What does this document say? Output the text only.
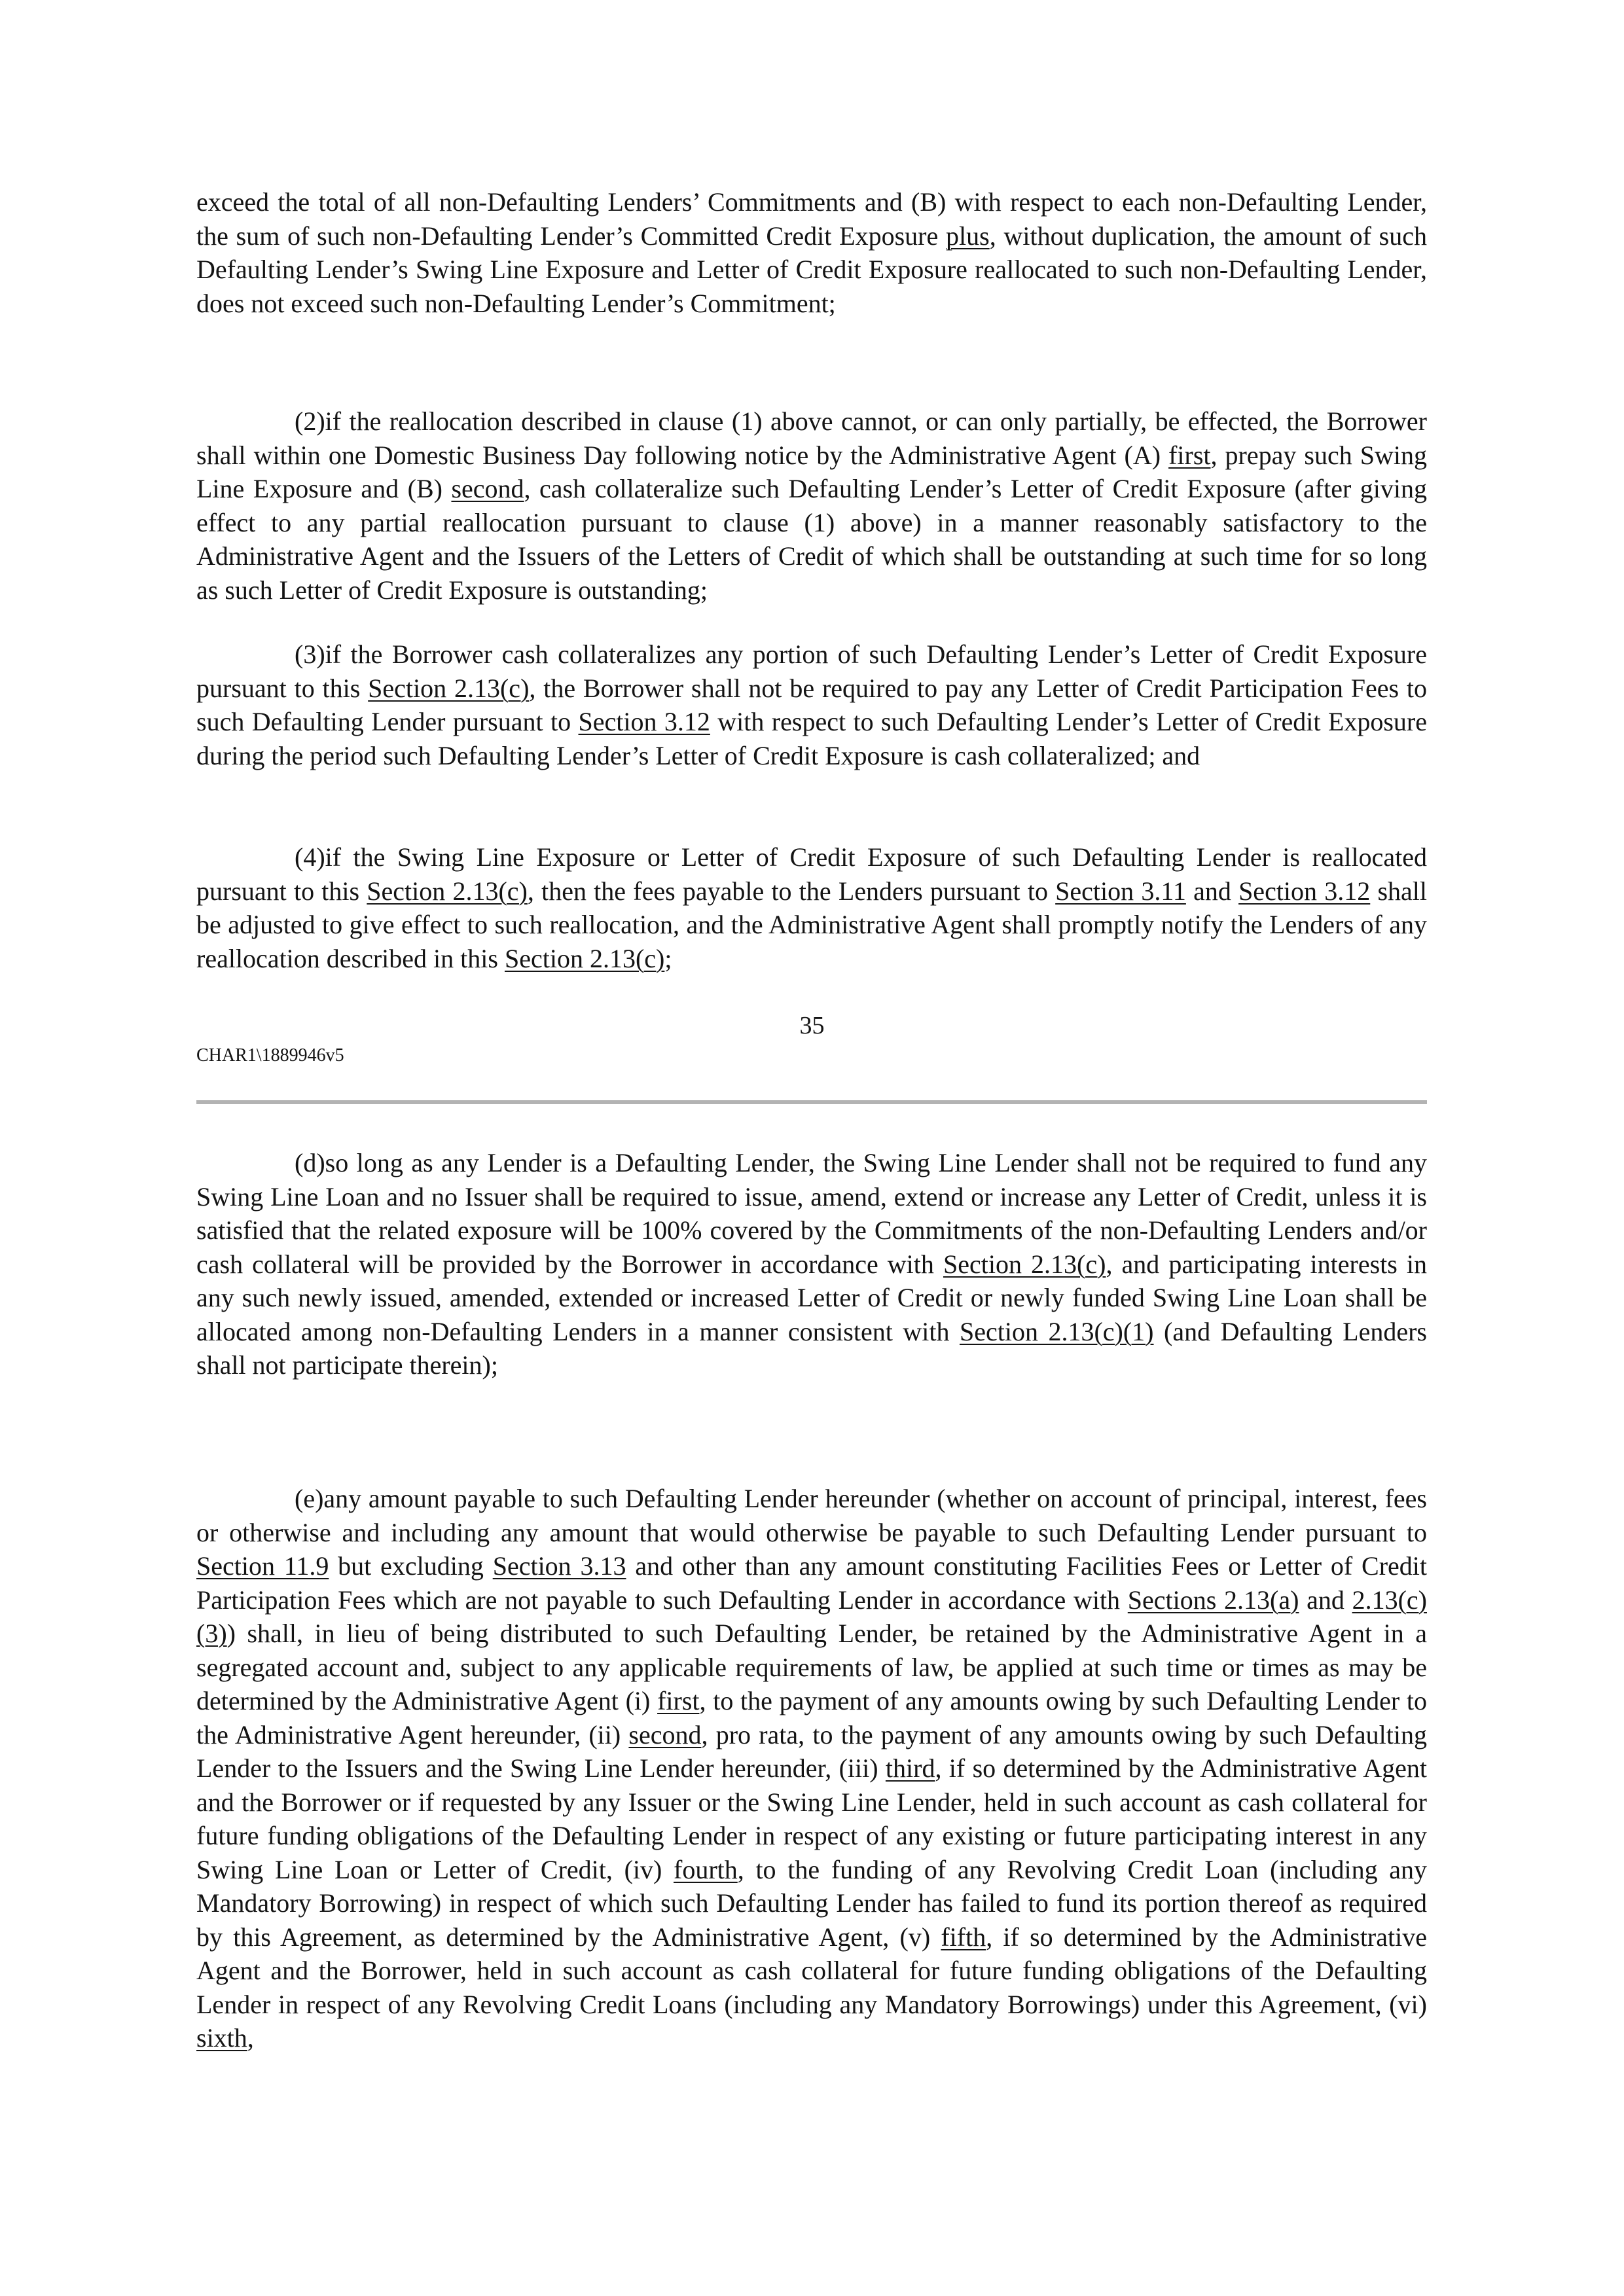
exceed the total of all non-Defaulting Lenders’ Commitments and (B) with respect to each non-Defaulting Lender, the sum of such non-Defaulting Lender’s Committed Credit Exposure plus, without duplication, the amount of such Defaulting Lender’s Swing Line Exposure and Letter of Credit Exposure reallocated to such non-Defaulting Lender, does not exceed such non-Defaulting Lender’s Commitment;

(2)if the reallocation described in clause (1) above cannot, or can only partially, be effected, the Borrower shall within one Domestic Business Day following notice by the Administrative Agent (A) first, prepay such Swing Line Exposure and (B) second, cash collateralize such Defaulting Lender’s Letter of Credit Exposure (after giving effect to any partial reallocation pursuant to clause (1) above) in a manner reasonably satisfactory to the Administrative Agent and the Issuers of the Letters of Credit of which shall be outstanding at such time for so long as such Letter of Credit Exposure is outstanding;

(3)if the Borrower cash collateralizes any portion of such Defaulting Lender’s Letter of Credit Exposure pursuant to this Section 2.13(c), the Borrower shall not be required to pay any Letter of Credit Participation Fees to such Defaulting Lender pursuant to Section 3.12 with respect to such Defaulting Lender’s Letter of Credit Exposure during the period such Defaulting Lender’s Letter of Credit Exposure is cash collateralized; and

(4)if the Swing Line Exposure or Letter of Credit Exposure of such Defaulting Lender is reallocated pursuant to this Section 2.13(c), then the fees payable to the Lenders pursuant to Section 3.11 and Section 3.12 shall be adjusted to give effect to such reallocation, and the Administrative Agent shall promptly notify the Lenders of any reallocation described in this Section 2.13(c);

35

CHAR1\1889946v5

(d)so long as any Lender is a Defaulting Lender, the Swing Line Lender shall not be required to fund any Swing Line Loan and no Issuer shall be required to issue, amend, extend or increase any Letter of Credit, unless it is satisfied that the related exposure will be 100% covered by the Commitments of the non-Defaulting Lenders and/or cash collateral will be provided by the Borrower in accordance with Section 2.13(c), and participating interests in any such newly issued, amended, extended or increased Letter of Credit or newly funded Swing Line Loan shall be allocated among non-Defaulting Lenders in a manner consistent with Section 2.13(c)(1) (and Defaulting Lenders shall not participate therein);

(e)any amount payable to such Defaulting Lender hereunder (whether on account of principal, interest, fees or otherwise and including any amount that would otherwise be payable to such Defaulting Lender pursuant to Section 11.9 but excluding Section 3.13 and other than any amount constituting Facilities Fees or Letter of Credit Participation Fees which are not payable to such Defaulting Lender in accordance with Sections 2.13(a) and 2.13(c)(3)) shall, in lieu of being distributed to such Defaulting Lender, be retained by the Administrative Agent in a segregated account and, subject to any applicable requirements of law, be applied at such time or times as may be determined by the Administrative Agent (i) first, to the payment of any amounts owing by such Defaulting Lender to the Administrative Agent hereunder, (ii) second, pro rata, to the payment of any amounts owing by such Defaulting Lender to the Issuers and the Swing Line Lender hereunder, (iii) third, if so determined by the Administrative Agent and the Borrower or if requested by any Issuer or the Swing Line Lender, held in such account as cash collateral for future funding obligations of the Defaulting Lender in respect of any existing or future participating interest in any Swing Line Loan or Letter of Credit, (iv) fourth, to the funding of any Revolving Credit Loan (including any Mandatory Borrowing) in respect of which such Defaulting Lender has failed to fund its portion thereof as required by this Agreement, as determined by the Administrative Agent, (v) fifth, if so determined by the Administrative Agent and the Borrower, held in such account as cash collateral for future funding obligations of the Defaulting Lender in respect of any Revolving Credit Loans (including any Mandatory Borrowings) under this Agreement, (vi) sixth,
